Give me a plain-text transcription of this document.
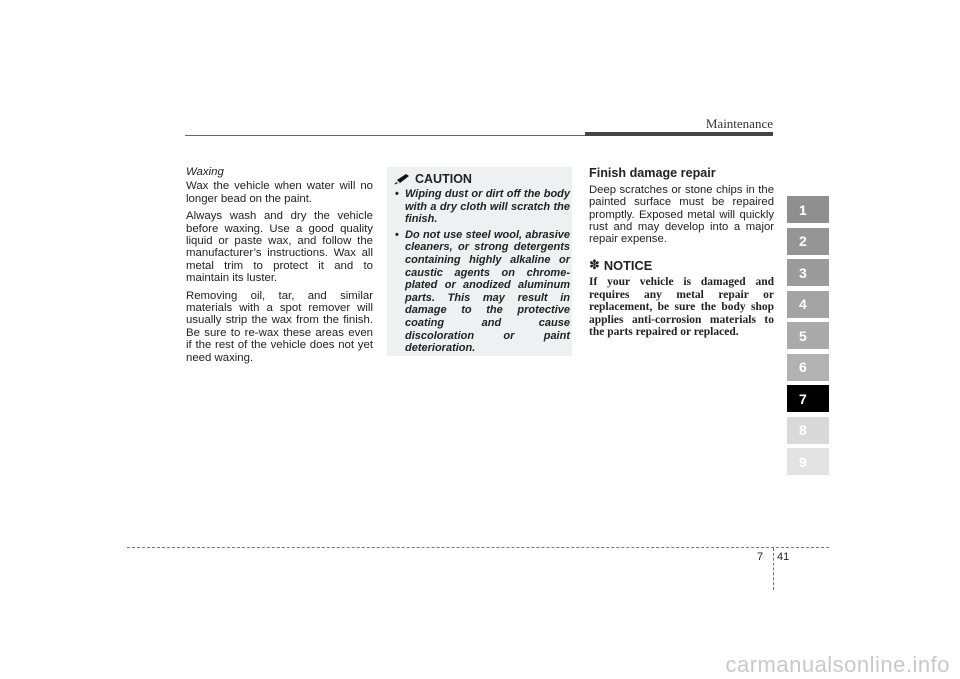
Maintenance
Waxing

Wax the vehicle when water will no longer bead on the paint.

Always wash and dry the vehicle before waxing. Use a good quality liquid or paste wax, and follow the manufacturer’s instructions. Wax all metal trim to protect it and to maintain its luster.

Removing oil, tar, and similar materials with a spot remover will usually strip the wax from the finish. Be sure to re-wax these areas even if the rest of the vehicle does not yet need waxing.

CAUTION
• Wiping dust or dirt off the body with a dry cloth will scratch the finish.
• Do not use steel wool, abrasive cleaners, or strong detergents containing highly alkaline or caustic agents on chrome-plated or anodized aluminum parts. This may result in damage to the protective coating and cause discoloration or paint deterioration.
Finish damage repair

Deep scratches or stone chips in the painted surface must be repaired promptly. Exposed metal will quickly rust and may develop into a major repair expense.

✽ NOTICE

If your vehicle is damaged and requires any metal repair or replacement, be sure the body shop applies anti-corrosion materials to the parts repaired or replaced.

1
2
3
4
5
6
7
8
9
7 41
carmanualsonline.info
